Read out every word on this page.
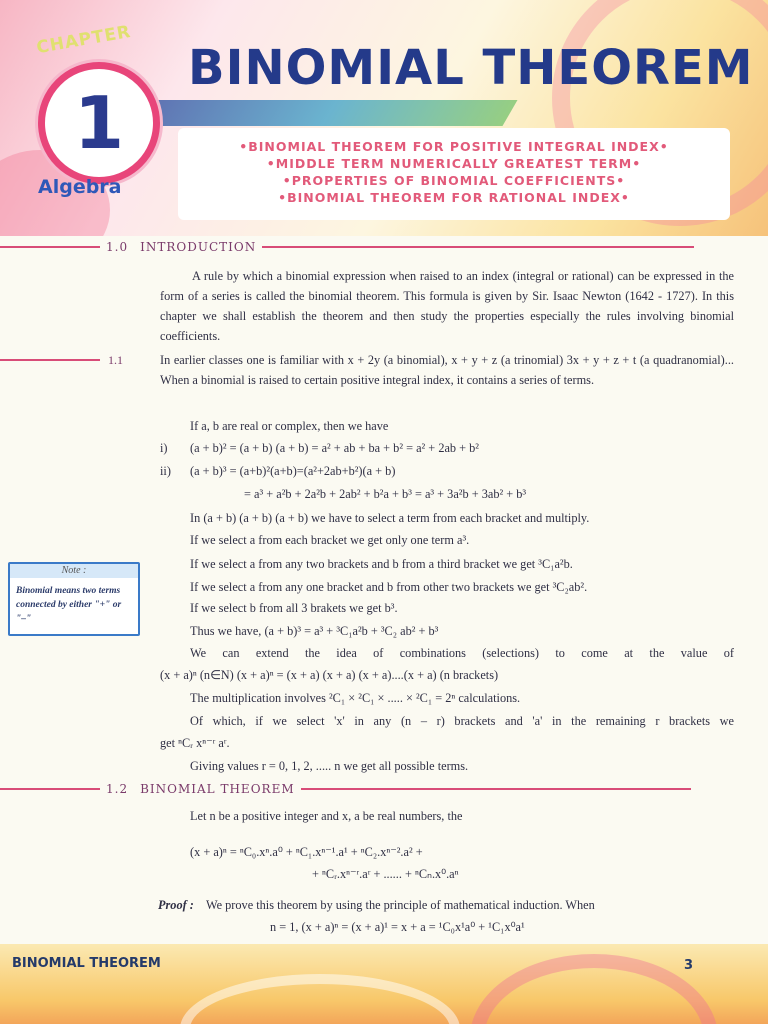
CHAPTER
1
Algebra
BINOMIAL THEOREM
•BINOMIAL THEOREM FOR POSITIVE INTEGRAL INDEX•
•MIDDLE TERM NUMERICALLY GREATEST TERM•
•PROPERTIES OF BINOMIAL COEFFICIENTS•
•BINOMIAL THEOREM FOR RATIONAL INDEX•
1.0 INTRODUCTION
A rule by which a binomial expression when raised to an index (integral or rational) can be expressed in the form of a series is called the binomial theorem. This formula is given by Sir. Isaac Newton (1642 - 1727). In this chapter we shall establish the theorem and then study the properties especially the rules involving binomial coefficients.
1.1	In earlier classes one is familiar with x + 2y (a binomial), x + y + z (a trinomial) 3x + y + z + t (a quadranomial)... When a binomial is raised to certain positive integral index, it contains a series of terms.
If a, b are real or complex, then we have
i) (a + b)² = (a + b) (a + b) = a² + ab + ba + b² = a² + 2ab + b²
ii) (a + b)³ = (a+b)²(a+b)=(a²+2ab+b²)(a + b)
= a³ + a²b + 2a²b + 2ab² + b²a + b³ = a³ + 3a²b + 3ab² + b³
In (a + b) (a + b) (a + b) we have to select a term from each bracket and multiply.
If we select a from each bracket we get only one term a³.
If we select a from any two brackets and b from a third bracket we get ³C₁a²b.
If we select a from any one bracket and b from other two brackets we get ³C₂ab².
If we select b from all 3 brakets we get b³.
Thus we have, (a + b)³ = a³ + ³C₁a²b + ³C₂ ab² + b³
We can extend the idea of combinations (selections) to come at the value of
(x + a)ⁿ (n∈N) (x + a)ⁿ = (x + a) (x + a) (x + a)....(x + a) (n brackets)
The multiplication involves ²C₁ × ²C₁ × ..... × ²C₁ = 2ⁿ calculations.
Of which, if we select 'x' in any (n – r) brackets and 'a' in the remaining r brackets we
get ⁿCᵣ xⁿ⁻ʳ aʳ.
Giving values r = 0, 1, 2, ..... n we get all possible terms.
Note :
Binomial means two terms connected by either "+" or "–"
1.2 BINOMIAL THEOREM
Let n be a positive integer and x, a be real numbers, the
(x + a)ⁿ = ⁿC₀.xⁿ.a⁰ + ⁿC₁.xⁿ⁻¹.a¹ + ⁿC₂.xⁿ⁻².a² +
+ ⁿCᵣ.xⁿ⁻ʳ.aʳ + ...... + ⁿCₙ.x⁰.aⁿ
Proof : We prove this theorem by using the principle of mathematical induction. When
n = 1, (x + a)ⁿ = (x + a)¹ = x + a = ¹C₀x¹a⁰ + ¹C₁x⁰a¹
BINOMIAL THEOREM	3
